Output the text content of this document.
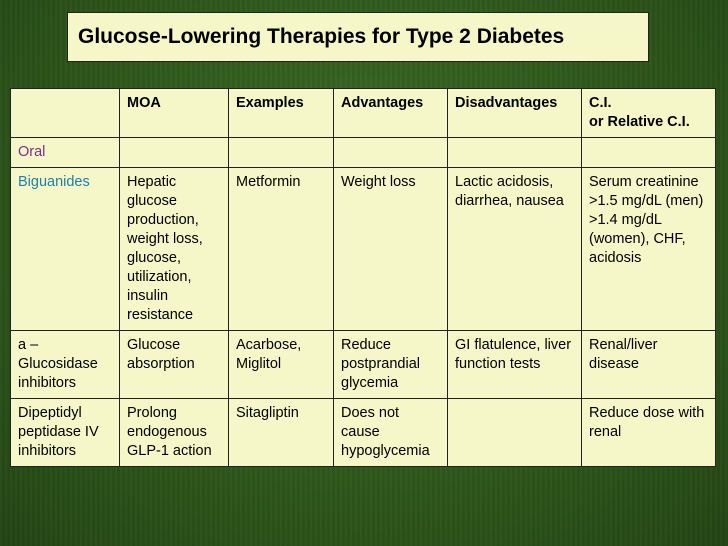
Glucose-Lowering Therapies for Type 2 Diabetes
	MOA	Examples	Advantages	Disadvantages	C.I.
or Relative C.I.
Oral					
Biguanides	Hepatic glucose production, weight loss, glucose, utilization, insulin resistance	Metformin	Weight loss	Lactic acidosis, diarrhea, nausea	Serum creatinine >1.5 mg/dL (men) >1.4 mg/dL (women), CHF, acidosis
a – Glucosidase inhibitors	Glucose absorption	Acarbose, Miglitol	Reduce postprandial glycemia	GI flatulence, liver function tests	Renal/liver disease
Dipeptidyl peptidase IV inhibitors	Prolong endogenous GLP-1 action	Sitagliptin	Does not cause hypoglycemia		Reduce dose with renal
